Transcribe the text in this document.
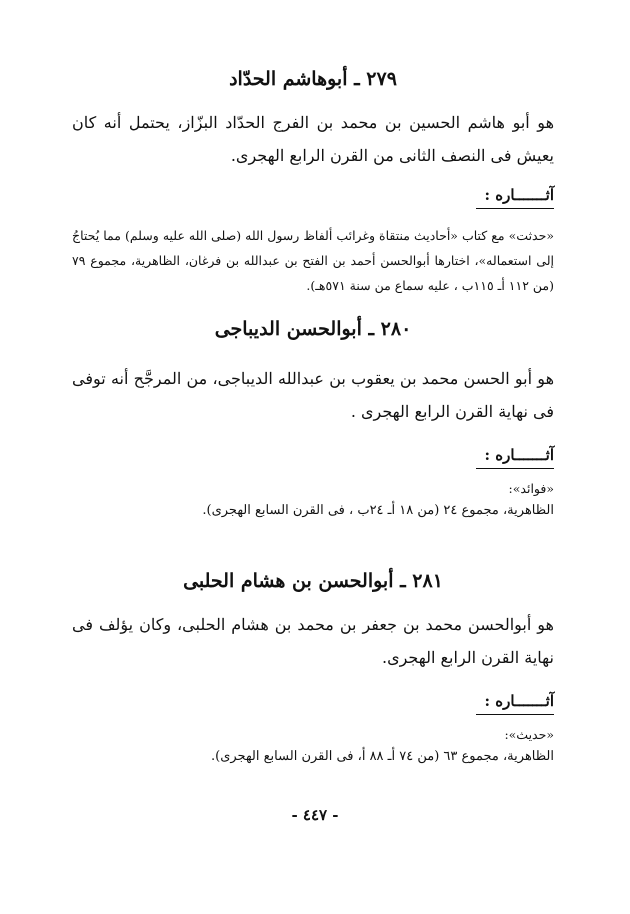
٢٧٩ ـ أبوهاشم الحدّاد
هو أبو هاشم الحسين بن محمد بن الفرج الحدّاد البزّاز، يحتمل أنه كان يعيش فى النصف الثانى من القرن الرابع الهجرى.
آثـــــــاره :
«حدثت» مع كتاب «أحاديث منتقاة وغرائب ألفاظ رسول الله (صلى الله عليه وسلم) مما يُحتاجُ إلى استعماله»، اختارها أبوالحسن أحمد بن الفتح بن عبدالله بن فرغان، الظاهرية، مجموع ٧٩ (من ١١٢ أـ ١١٥ب ، عليه سماع من سنة ٥٧١هـ).
٢٨٠ ـ أبوالحسن الديباجى
هو أبو الحسن محمد بن يعقوب بن عبدالله الديباجى، من المرجَّح أنه توفى فى نهاية القرن الرابع الهجرى .
آثـــــــاره :
«فوائد»:
الظاهرية، مجموع ٢٤ (من ١٨ أـ ٢٤ب ، فى القرن السابع الهجرى).
٢٨١ ـ أبوالحسن بن هشام الحلبى
هو أبوالحسن محمد بن جعفر بن محمد بن هشام الحلبى، وكان يؤلف فى نهاية القرن الرابع الهجرى.
آثـــــــاره :
«حديث»:
الظاهرية، مجموع ٦٣ (من ٧٤ أـ ٨٨ أ، فى القرن السابع الهجرى).
- ٤٤٧ -
